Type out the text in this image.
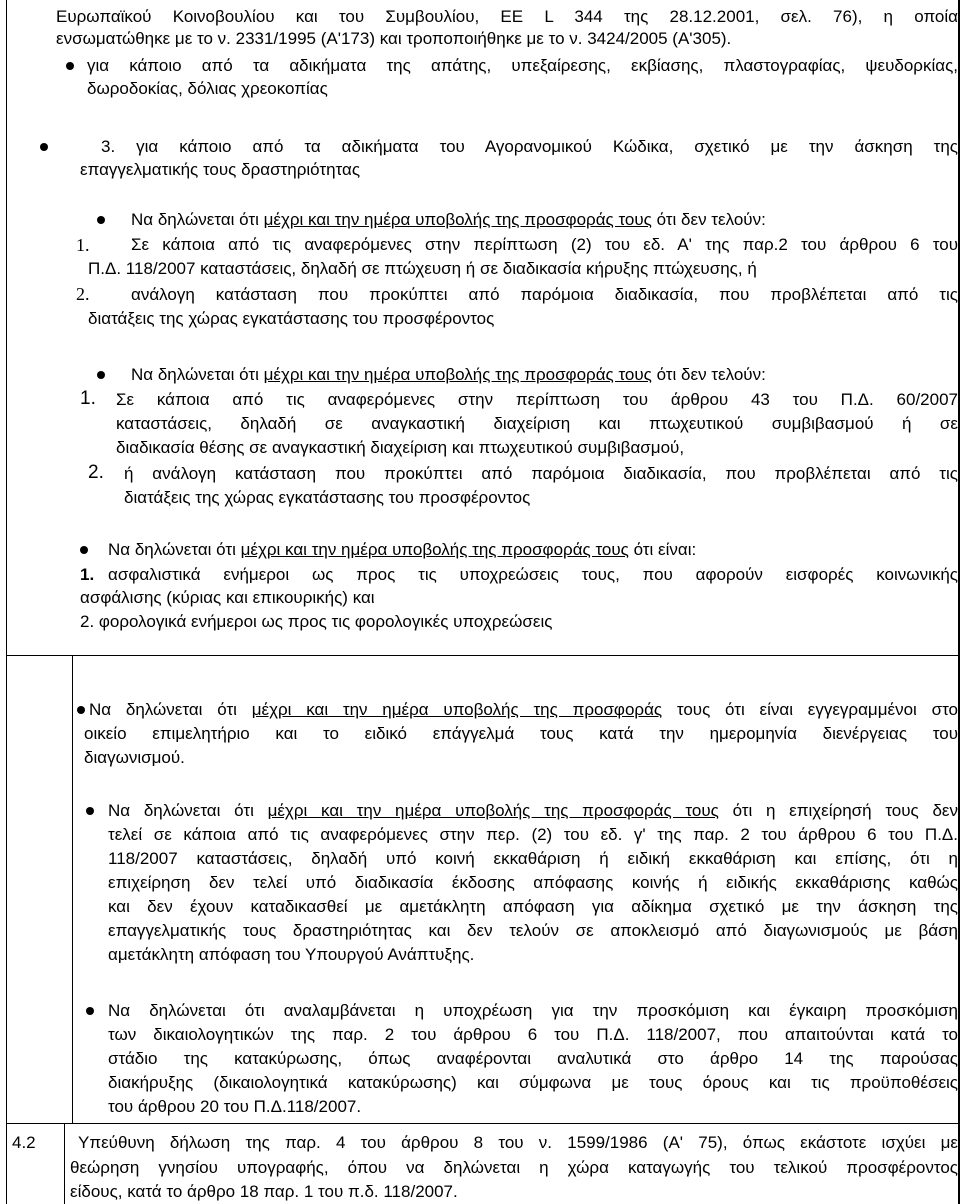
Ευρωπαϊκού Κοινοβουλίου και του Συμβουλίου, ΕΕ L 344 της 28.12.2001, σελ. 76), η οποία
ενσωματώθηκε με το ν. 2331/1995 (Α'173) και τροποποιήθηκε με το ν. 3424/2005 (Α'305).
για κάποιο από τα αδικήματα της απάτης, υπεξαίρεσης, εκβίασης, πλαστογραφίας, ψευδορκίας,
δωροδοκίας, δόλιας χρεοκοπίας
3. για κάποιο από τα αδικήματα του Αγορανομικού Κώδικα, σχετικό με την άσκηση της
επαγγελματικής τους δραστηριότητας
Να δηλώνεται ότι μέχρι και την ημέρα υποβολής της προσφοράς τους ότι δεν τελούν:
1. Σε κάποια από τις αναφερόμενες στην περίπτωση (2) του εδ. Α' της παρ.2 του άρθρου 6 του
Π.Δ. 118/2007 καταστάσεις, δηλαδή σε πτώχευση ή σε διαδικασία κήρυξης πτώχευσης, ή
2. ανάλογη κατάσταση που προκύπτει από παρόμοια διαδικασία, που προβλέπεται από τις
διατάξεις της χώρας εγκατάστασης του προσφέροντος
Να δηλώνεται ότι μέχρι και την ημέρα υποβολής της προσφοράς τους ότι δεν τελούν:
1. Σε κάποια από τις αναφερόμενες στην περίπτωση του άρθρου 43 του Π.Δ. 60/2007
καταστάσεις, δηλαδή σε αναγκαστική διαχείριση και πτωχευτικού συμβιβασμού ή σε
διαδικασία θέσης σε αναγκαστική διαχείριση και πτωχευτικού συμβιβασμού,
2. ή ανάλογη κατάσταση που προκύπτει από παρόμοια διαδικασία, που προβλέπεται από τις
διατάξεις της χώρας εγκατάστασης του προσφέροντος
Να δηλώνεται ότι μέχρι και την ημέρα υποβολής της προσφοράς τους ότι είναι:
1. ασφαλιστικά ενήμεροι ως προς τις υποχρεώσεις τους, που αφορούν εισφορές κοινωνικής
ασφάλισης (κύριας και επικουρικής) και
2. φορολογικά ενήμεροι ως προς τις φορολογικές υποχρεώσεις
Να δηλώνεται ότι μέχρι και την ημέρα υποβολής της προσφοράς τους ότι είναι εγγεγραμμένοι στο
οικείο επιμελητήριο και το ειδικό επάγγελμά τους κατά την ημερομηνία διενέργειας του
διαγωνισμού.
Να δηλώνεται ότι μέχρι και την ημέρα υποβολής της προσφοράς τους ότι η επιχείρησή τους δεν
τελεί σε κάποια από τις αναφερόμενες στην περ. (2) του εδ. γ' της παρ. 2 του άρθρου 6 του Π.Δ.
118/2007 καταστάσεις, δηλαδή υπό κοινή εκκαθάριση ή ειδική εκκαθάριση και επίσης, ότι η
επιχείρηση δεν τελεί υπό διαδικασία έκδοσης απόφασης κοινής ή ειδικής εκκαθάρισης καθώς
και δεν έχουν καταδικασθεί με αμετάκλητη απόφαση για αδίκημα σχετικό με την άσκηση της
επαγγελματικής τους δραστηριότητας και δεν τελούν σε αποκλεισμό από διαγωνισμούς με βάση
αμετάκλητη απόφαση του Υπουργού Ανάπτυξης.
Να δηλώνεται ότι αναλαμβάνεται η υποχρέωση για την προσκόμιση και έγκαιρη προσκόμιση
των δικαιολογητικών της παρ. 2 του άρθρου 6 του Π.Δ. 118/2007, που απαιτούνται κατά το
στάδιο της κατακύρωσης, όπως αναφέρονται αναλυτικά στο άρθρο 14 της παρούσας
διακήρυξης (δικαιολογητικά κατακύρωσης) και σύμφωνα με τους όρους και τις προϋποθέσεις
του άρθρου 20 του Π.Δ.118/2007.
4.2 Υπεύθυνη δήλωση της παρ. 4 του άρθρου 8 του ν. 1599/1986 (Α' 75), όπως εκάστοτε ισχύει με
θεώρηση γνησίου υπογραφής, όπου να δηλώνεται η χώρα καταγωγής του τελικού προσφέροντος
είδους, κατά το άρθρο 18 παρ. 1 του π.δ. 118/2007.
